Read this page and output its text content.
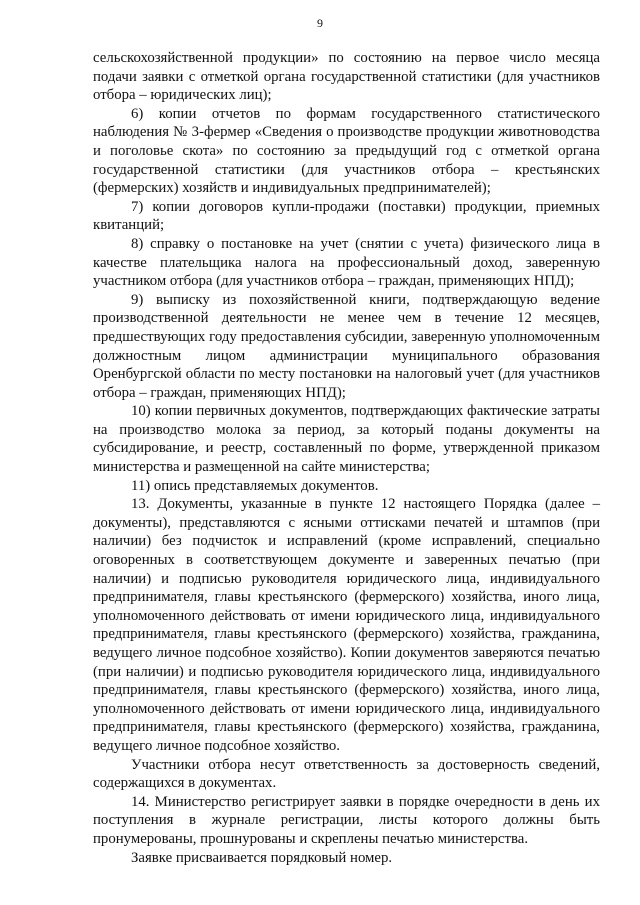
9

сельскохозяйственной продукции» по состоянию на первое число месяца подачи заявки с отметкой органа государственной статистики (для участников отбора – юридических лиц);

6) копии отчетов по формам государственного статистического наблюдения № 3-фермер «Сведения о производстве продукции животноводства и поголовье скота» по состоянию за предыдущий год с отметкой органа государственной статистики (для участников отбора – крестьянских (фермерских) хозяйств и индивидуальных предпринимателей);

7) копии договоров купли-продажи (поставки) продукции, приемных квитанций;

8) справку о постановке на учет (снятии с учета) физического лица в качестве плательщика налога на профессиональный доход, заверенную участником отбора (для участников отбора – граждан, применяющих НПД);

9) выписку из похозяйственной книги, подтверждающую ведение производственной деятельности не менее чем в течение 12 месяцев, предшествующих году предоставления субсидии, заверенную уполномоченным должностным лицом администрации муниципального образования Оренбургской области по месту постановки на налоговый учет (для участников отбора – граждан, применяющих НПД);

10) копии первичных документов, подтверждающих фактические затраты на производство молока за период, за который поданы документы на субсидирование, и реестр, составленный по форме, утвержденной приказом министерства и размещенной на сайте министерства;

11) опись представляемых документов.

13. Документы, указанные в пункте 12 настоящего Порядка (далее – документы), представляются с ясными оттисками печатей и штампов (при наличии) без подчисток и исправлений (кроме исправлений, специально оговоренных в соответствующем документе и заверенных печатью (при наличии) и подписью руководителя юридического лица, индивидуального предпринимателя, главы крестьянского (фермерского) хозяйства, иного лица, уполномоченного действовать от имени юридического лица, индивидуального предпринимателя, главы крестьянского (фермерского) хозяйства, гражданина, ведущего личное подсобное хозяйство). Копии документов заверяются печатью (при наличии) и подписью руководителя юридического лица, индивидуального предпринимателя, главы крестьянского (фермерского) хозяйства, иного лица, уполномоченного действовать от имени юридического лица, индивидуального предпринимателя, главы крестьянского (фермерского) хозяйства, гражданина, ведущего личное подсобное хозяйство.

Участники отбора несут ответственность за достоверность сведений, содержащихся в документах.

14. Министерство регистрирует заявки в порядке очередности в день их поступления в журнале регистрации, листы которого должны быть пронумерованы, прошнурованы и скреплены печатью министерства.

Заявке присваивается порядковый номер.
